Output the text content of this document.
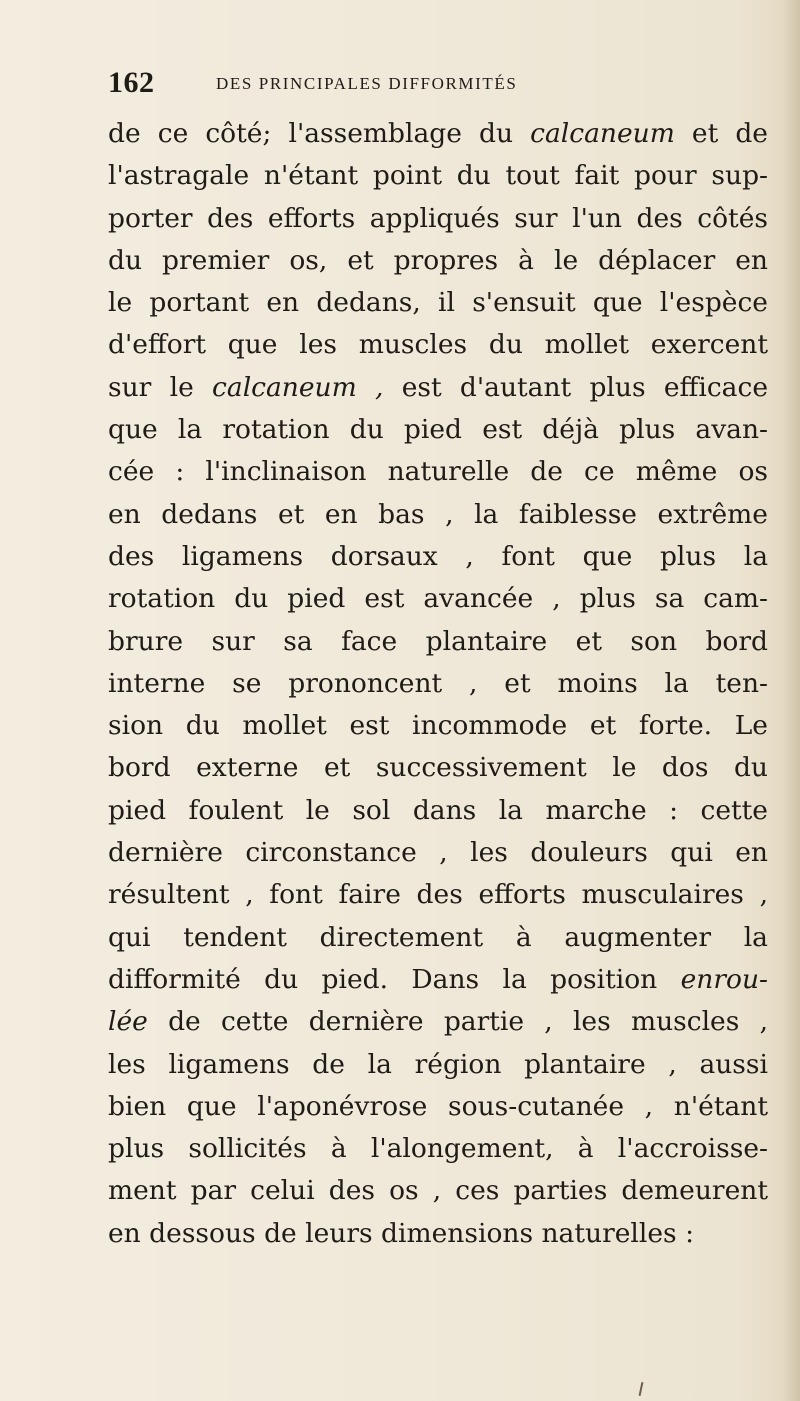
162	DES PRINCIPALES DIFFORMITÉS
de ce côté; l'assemblage du calcaneum et de
l'astragale n'étant point du tout fait pour sup-
porter des efforts appliqués sur l'un des côtés
du premier os, et propres à le déplacer en
le portant en dedans, il s'ensuit que l'espèce
d'effort que les muscles du mollet exercent
sur le calcaneum , est d'autant plus efficace
que la rotation du pied est déjà plus avan-
cée : l'inclinaison naturelle de ce même os
en dedans et en bas , la faiblesse extrême
des ligamens dorsaux , font que plus la
rotation du pied est avancée , plus sa cam-
brure sur sa face plantaire et son bord
interne se prononcent , et moins la ten-
sion du mollet est incommode et forte. Le
bord externe et successivement le dos du
pied foulent le sol dans la marche : cette
dernière circonstance , les douleurs qui en
résultent , font faire des efforts musculaires ,
qui tendent directement à augmenter la
difformité du pied. Dans la position enrou-
lée de cette dernière partie , les muscles ,
les ligamens de la région plantaire , aussi
bien que l'aponévrose sous-cutanée , n'étant
plus sollicités à l'alongement, à l'accroisse-
ment par celui des os , ces parties demeurent
en dessous de leurs dimensions naturelles :
